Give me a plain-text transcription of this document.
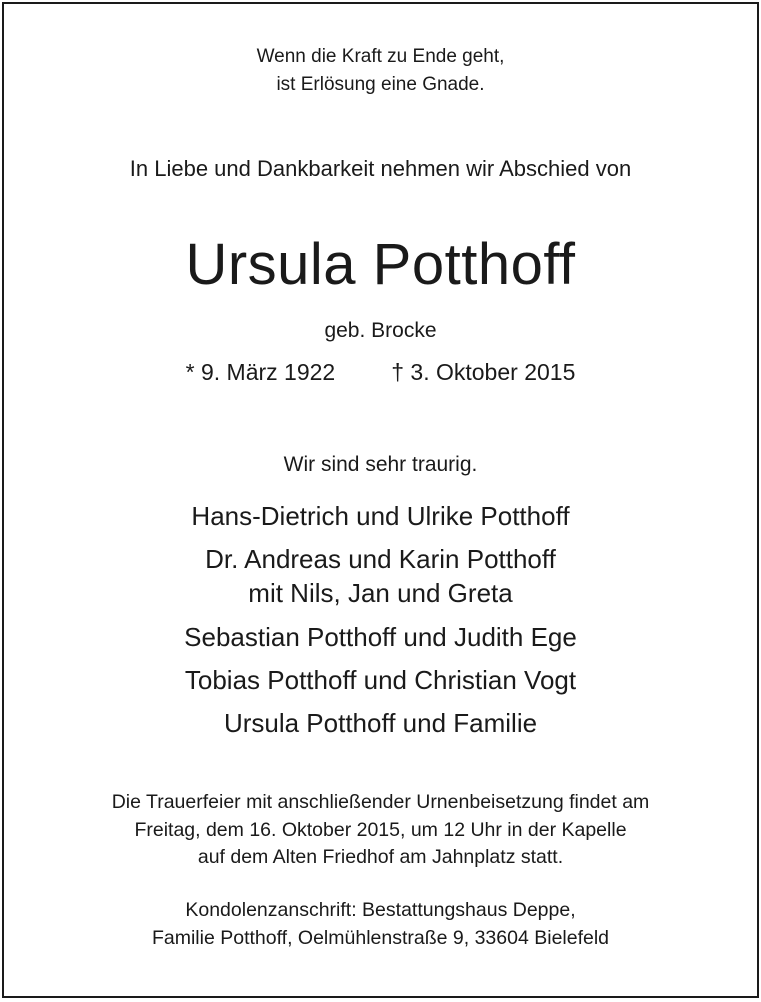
Wenn die Kraft zu Ende geht,
ist Erlösung eine Gnade.
In Liebe und Dankbarkeit nehmen wir Abschied von
Ursula Potthoff
geb. Brocke
* 9. März 1922 † 3. Oktober 2015
Wir sind sehr traurig.
Hans-Dietrich und Ulrike Potthoff
Dr. Andreas und Karin Potthoff
mit Nils, Jan und Greta
Sebastian Potthoff und Judith Ege
Tobias Potthoff und Christian Vogt
Ursula Potthoff und Familie
Die Trauerfeier mit anschließender Urnenbeisetzung findet am
Freitag, dem 16. Oktober 2015, um 12 Uhr in der Kapelle
auf dem Alten Friedhof am Jahnplatz statt.
Kondolenzanschrift: Bestattungshaus Deppe,
Familie Potthoff, Oelmühlenstraße 9, 33604 Bielefeld
